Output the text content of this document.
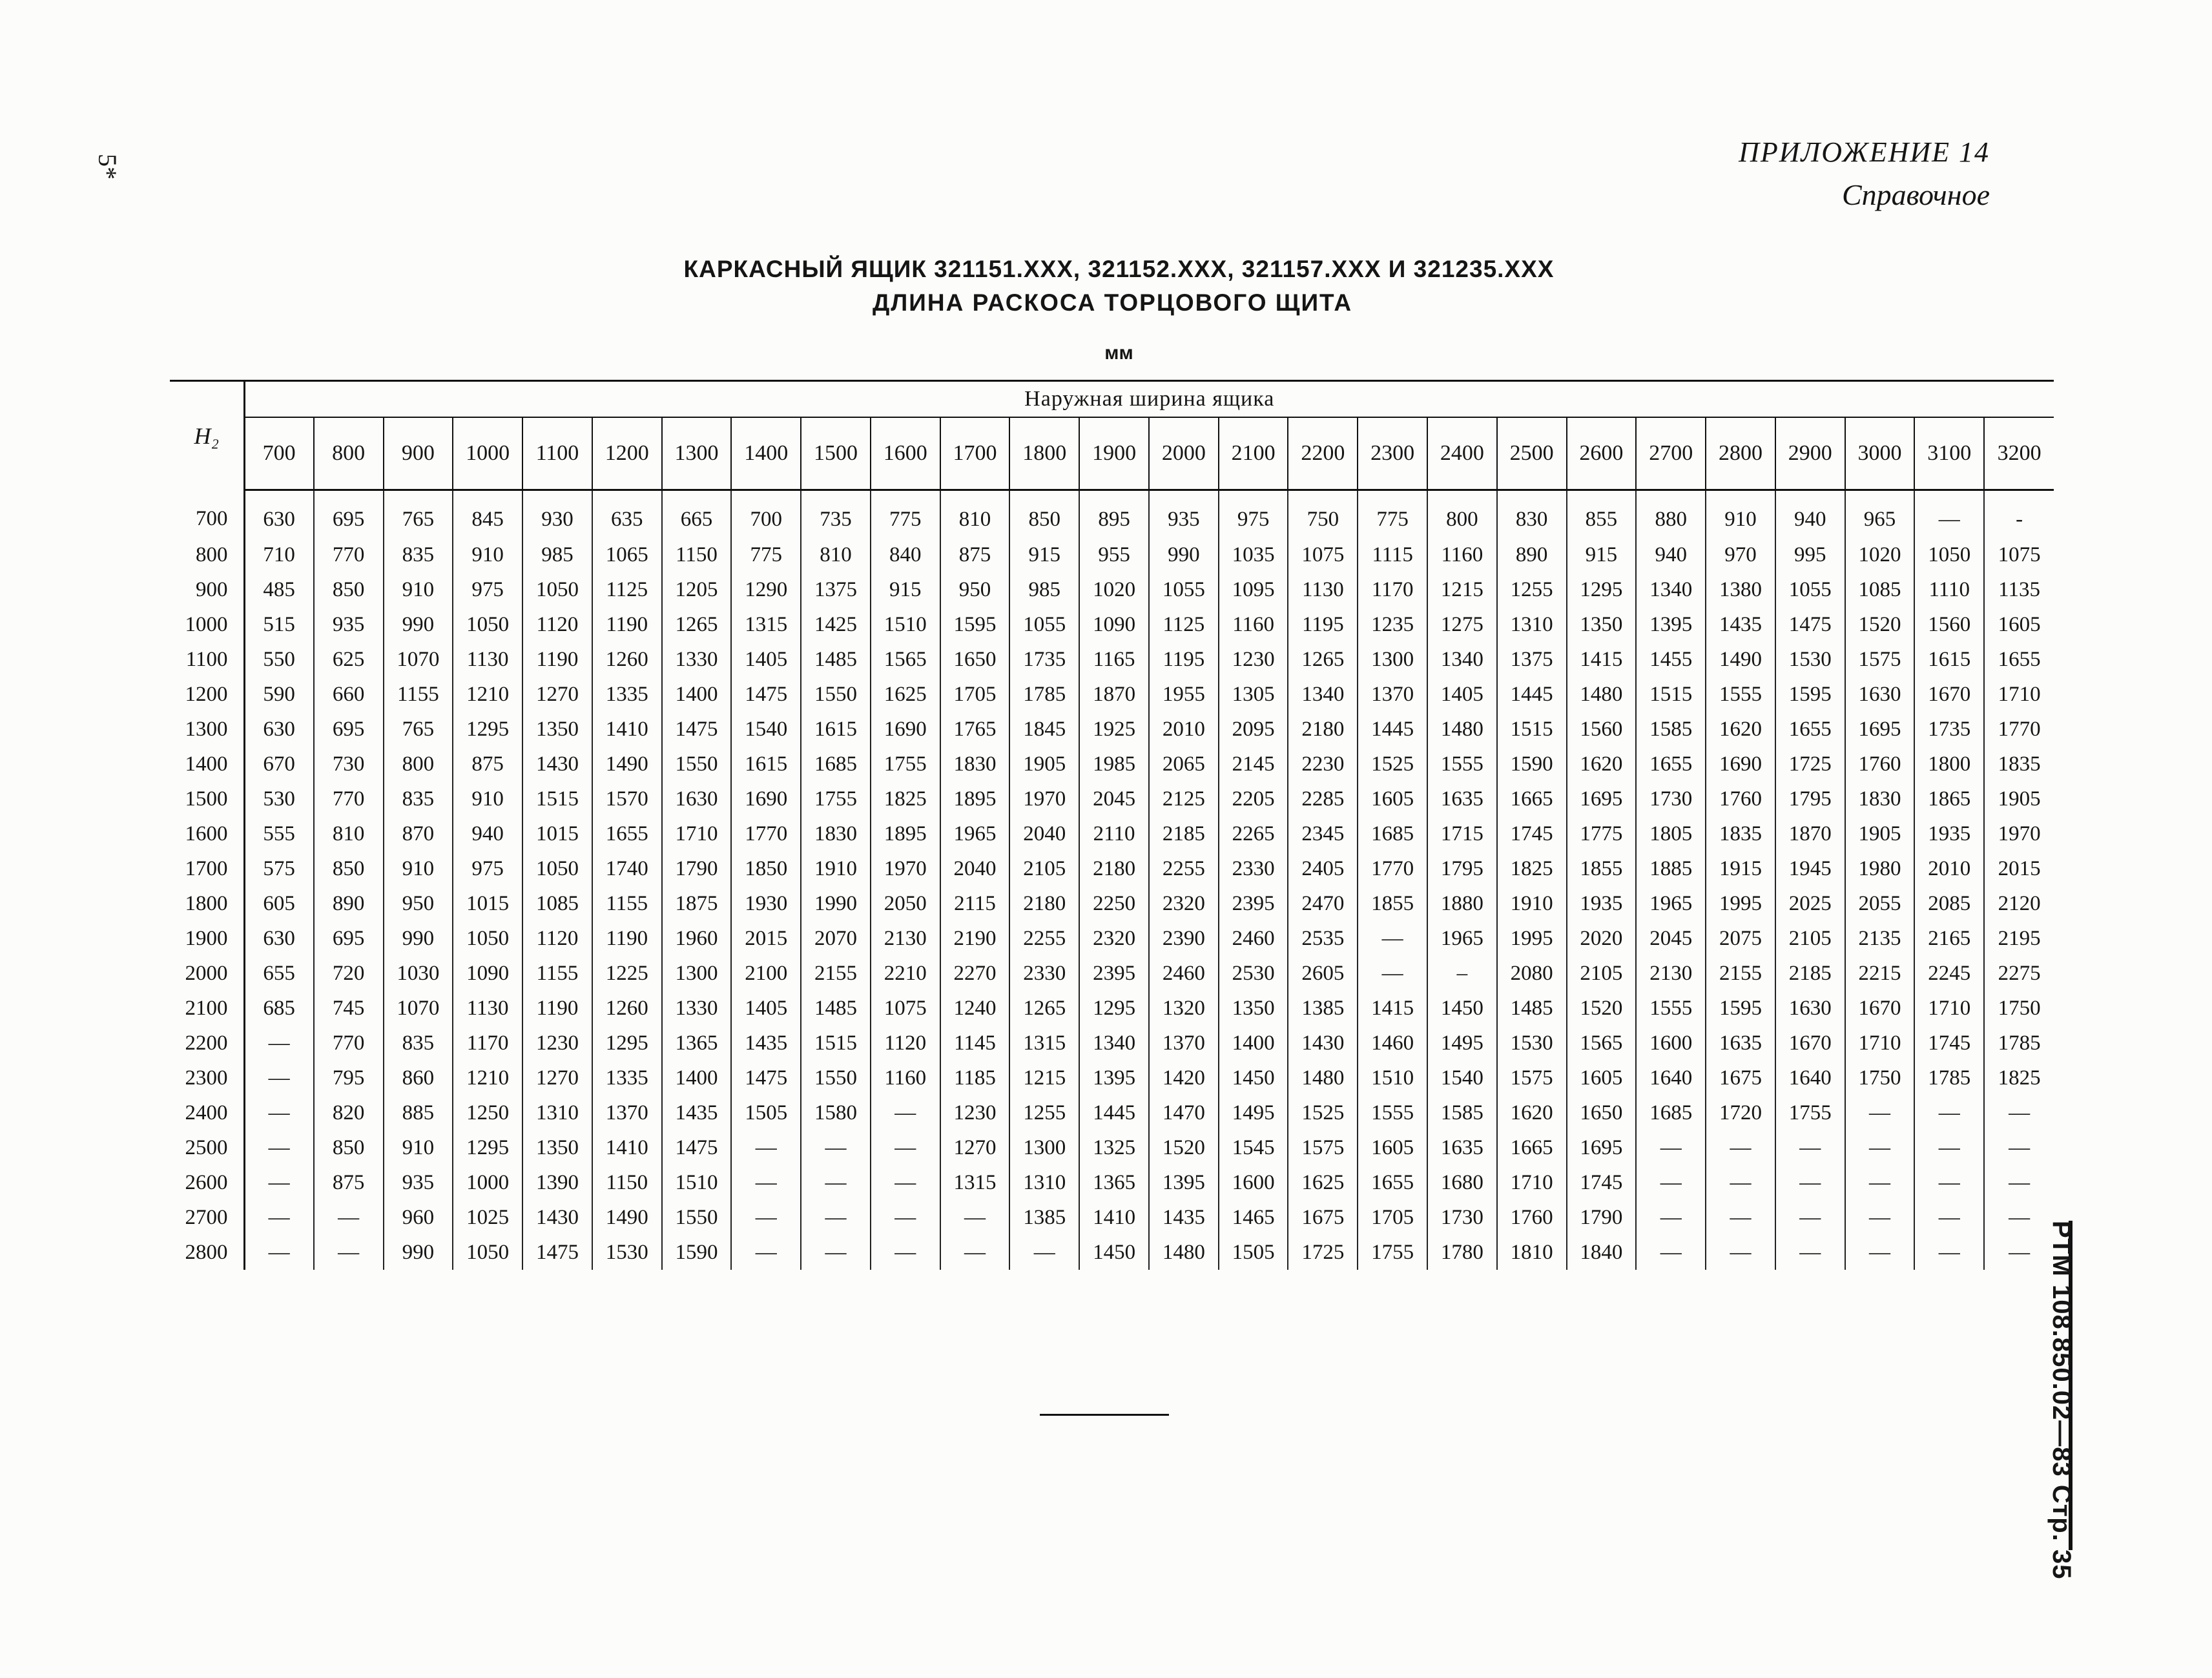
5*	ПРИЛОЖЕНИЕ 14
Справочное
КАРКАСНЫЙ ЯЩИК 321151.XXX, 321152.XXX, 321157.XXX И 321235.XXX
ДЛИНА РАСКОСА ТОРЦОВОГО ЩИТА
мм
H₂	Наружная ширина ящика																									
	700	800	900	1000	1100	1200	1300	1400	1500	1600	1700	1800	1900	2000	2100	2200	2300	2400	2500	2600	2700	2800	2900	3000	3100	3200
700	630	695	765	845	930	635	665	700	735	775	810	850	895	935	975	750	775	800	830	855	880	910	940	965	—	-
800	710	770	835	910	985	1065	1150	775	810	840	875	915	955	990	1035	1075	1115	1160	890	915	940	970	995	1020	1050	1075
900	485	850	910	975	1050	1125	1205	1290	1375	915	950	985	1020	1055	1095	1130	1170	1215	1255	1295	1340	1380	1055	1085	1110	1135
1000	515	935	990	1050	1120	1190	1265	1315	1425	1510	1595	1055	1090	1125	1160	1195	1235	1275	1310	1350	1395	1435	1475	1520	1560	1605
1100	550	625	1070	1130	1190	1260	1330	1405	1485	1565	1650	1735	1165	1195	1230	1265	1300	1340	1375	1415	1455	1490	1530	1575	1615	1655
1200	590	660	1155	1210	1270	1335	1400	1475	1550	1625	1705	1785	1870	1955	1305	1340	1370	1405	1445	1480	1515	1555	1595	1630	1670	1710
1300	630	695	765	1295	1350	1410	1475	1540	1615	1690	1765	1845	1925	2010	2095	2180	1445	1480	1515	1560	1585	1620	1655	1695	1735	1770
1400	670	730	800	875	1430	1490	1550	1615	1685	1755	1830	1905	1985	2065	2145	2230	1525	1555	1590	1620	1655	1690	1725	1760	1800	1835
1500	530	770	835	910	1515	1570	1630	1690	1755	1825	1895	1970	2045	2125	2205	2285	1605	1635	1665	1695	1730	1760	1795	1830	1865	1905
1600	555	810	870	940	1015	1655	1710	1770	1830	1895	1965	2040	2110	2185	2265	2345	1685	1715	1745	1775	1805	1835	1870	1905	1935	1970
1700	575	850	910	975	1050	1740	1790	1850	1910	1970	2040	2105	2180	2255	2330	2405	1770	1795	1825	1855	1885	1915	1945	1980	2010	2015
1800	605	890	950	1015	1085	1155	1875	1930	1990	2050	2115	2180	2250	2320	2395	2470	1855	1880	1910	1935	1965	1995	2025	2055	2085	2120
1900	630	695	990	1050	1120	1190	1960	2015	2070	2130	2190	2255	2320	2390	2460	2535	—	1965	1995	2020	2045	2075	2105	2135	2165	2195
2000	655	720	1030	1090	1155	1225	1300	2100	2155	2210	2270	2330	2395	2460	2530	2605	—	–	2080	2105	2130	2155	2185	2215	2245	2275
2100	685	745	1070	1130	1190	1260	1330	1405	1485	1075	1240	1265	1295	1320	1350	1385	1415	1450	1485	1520	1555	1595	1630	1670	1710	1750
2200	—	770	835	1170	1230	1295	1365	1435	1515	1120	1145	1315	1340	1370	1400	1430	1460	1495	1530	1565	1600	1635	1670	1710	1745	1785
2300	—	795	860	1210	1270	1335	1400	1475	1550	1160	1185	1215	1395	1420	1450	1480	1510	1540	1575	1605	1640	1675	1640	1750	1785	1825
2400	—	820	885	1250	1310	1370	1435	1505	1580	—	1230	1255	1445	1470	1495	1525	1555	1585	1620	1650	1685	1720	1755	—	—	—
2500	—	850	910	1295	1350	1410	1475	—	—	—	1270	1300	1325	1520	1545	1575	1605	1635	1665	1695	—	—	—	—	—	—
2600	—	875	935	1000	1390	1150	1510	—	—	—	1315	1310	1365	1395	1600	1625	1655	1680	1710	1745	—	—	—	—	—	—
2700	—	—	960	1025	1430	1490	1550	—	—	—	—	1385	1410	1435	1465	1675	1705	1730	1760	1790	—	—	—	—	—	—
2800	—	—	990	1050	1475	1530	1590	—	—	—	—	—	1450	1480	1505	1725	1755	1780	1810	1840	—	—	—	—	—	— РТМ 108.850.02—83 Стр. 35
